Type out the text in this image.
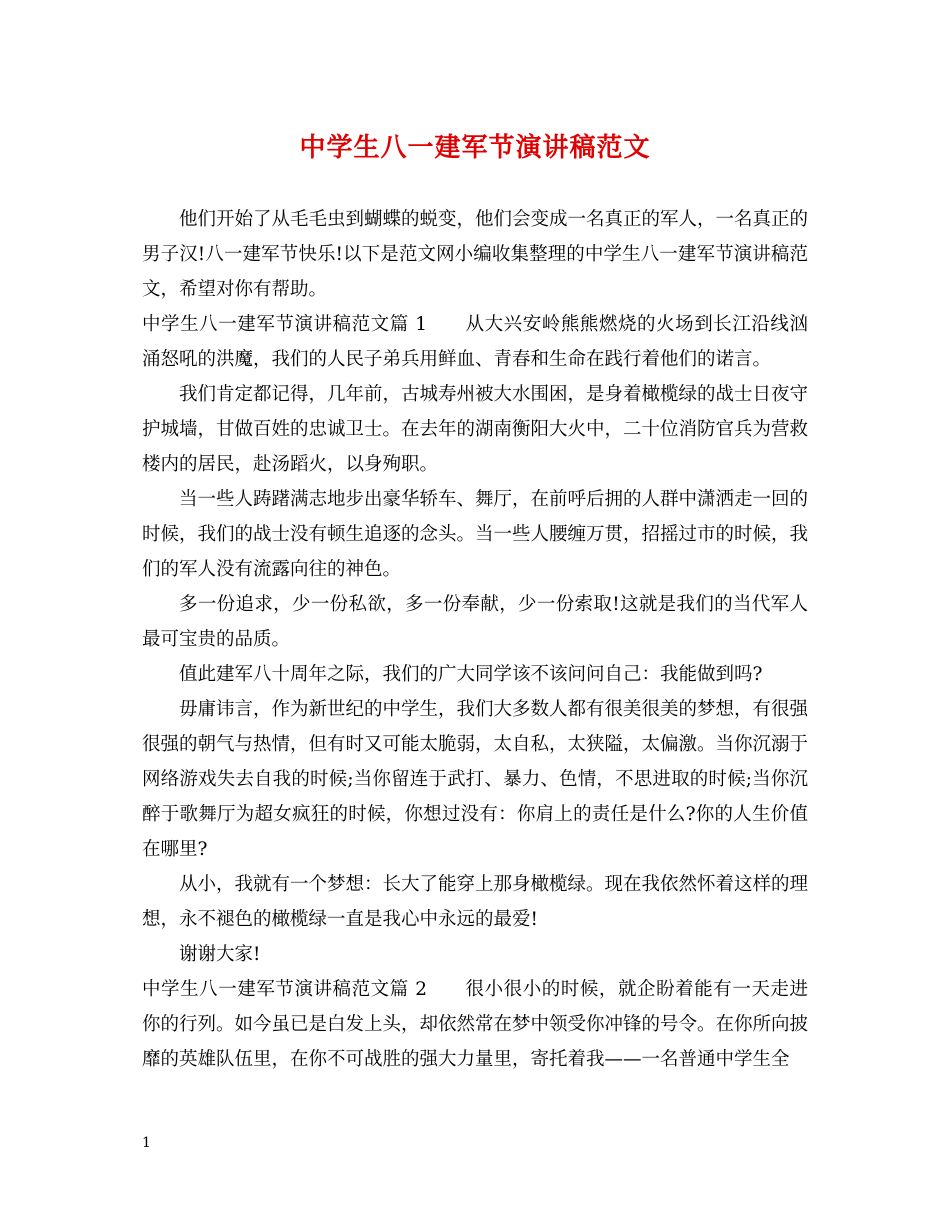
中学生八一建军节演讲稿范文

他们开始了从毛毛虫到蝴蝶的蜕变，他们会变成一名真正的军人，一名真正的男子汉!八一建军节快乐!以下是范文网小编收集整理的中学生八一建军节演讲稿范文，希望对你有帮助。

中学生八一建军节演讲稿范文篇 1 从大兴安岭熊熊燃烧的火场到长江沿线汹涌怒吼的洪魔，我们的人民子弟兵用鲜血、青春和生命在践行着他们的诺言。

我们肯定都记得，几年前，古城寿州被大水围困，是身着橄榄绿的战士日夜守护城墙，甘做百姓的忠诚卫士。在去年的湖南衡阳大火中，二十位消防官兵为营救楼内的居民，赴汤蹈火，以身殉职。

当一些人踌躇满志地步出豪华轿车、舞厅，在前呼后拥的人群中潇洒走一回的时候，我们的战士没有顿生追逐的念头。当一些人腰缠万贯，招摇过市的时候，我们的军人没有流露向往的神色。

多一份追求，少一份私欲，多一份奉献，少一份索取!这就是我们的当代军人最可宝贵的品质。

值此建军八十周年之际，我们的广大同学该不该问问自己：我能做到吗?

毋庸讳言，作为新世纪的中学生，我们大多数人都有很美很美的梦想，有很强很强的朝气与热情，但有时又可能太脆弱，太自私，太狭隘，太偏激。当你沉溺于网络游戏失去自我的时候;当你留连于武打、暴力、色情，不思进取的时候;当你沉醉于歌舞厅为超女疯狂的时候，你想过没有：你肩上的责任是什么?你的人生价值在哪里?

从小，我就有一个梦想：长大了能穿上那身橄榄绿。现在我依然怀着这样的理想，永不褪色的橄榄绿一直是我心中永远的最爱!

谢谢大家!

中学生八一建军节演讲稿范文篇 2 很小很小的时候，就企盼着能有一天走进你的行列。如今虽已是白发上头，却依然常在梦中领受你冲锋的号令。在你所向披靡的英雄队伍里，在你不可战胜的强大力量里，寄托着我——一名普通中学生全

1
